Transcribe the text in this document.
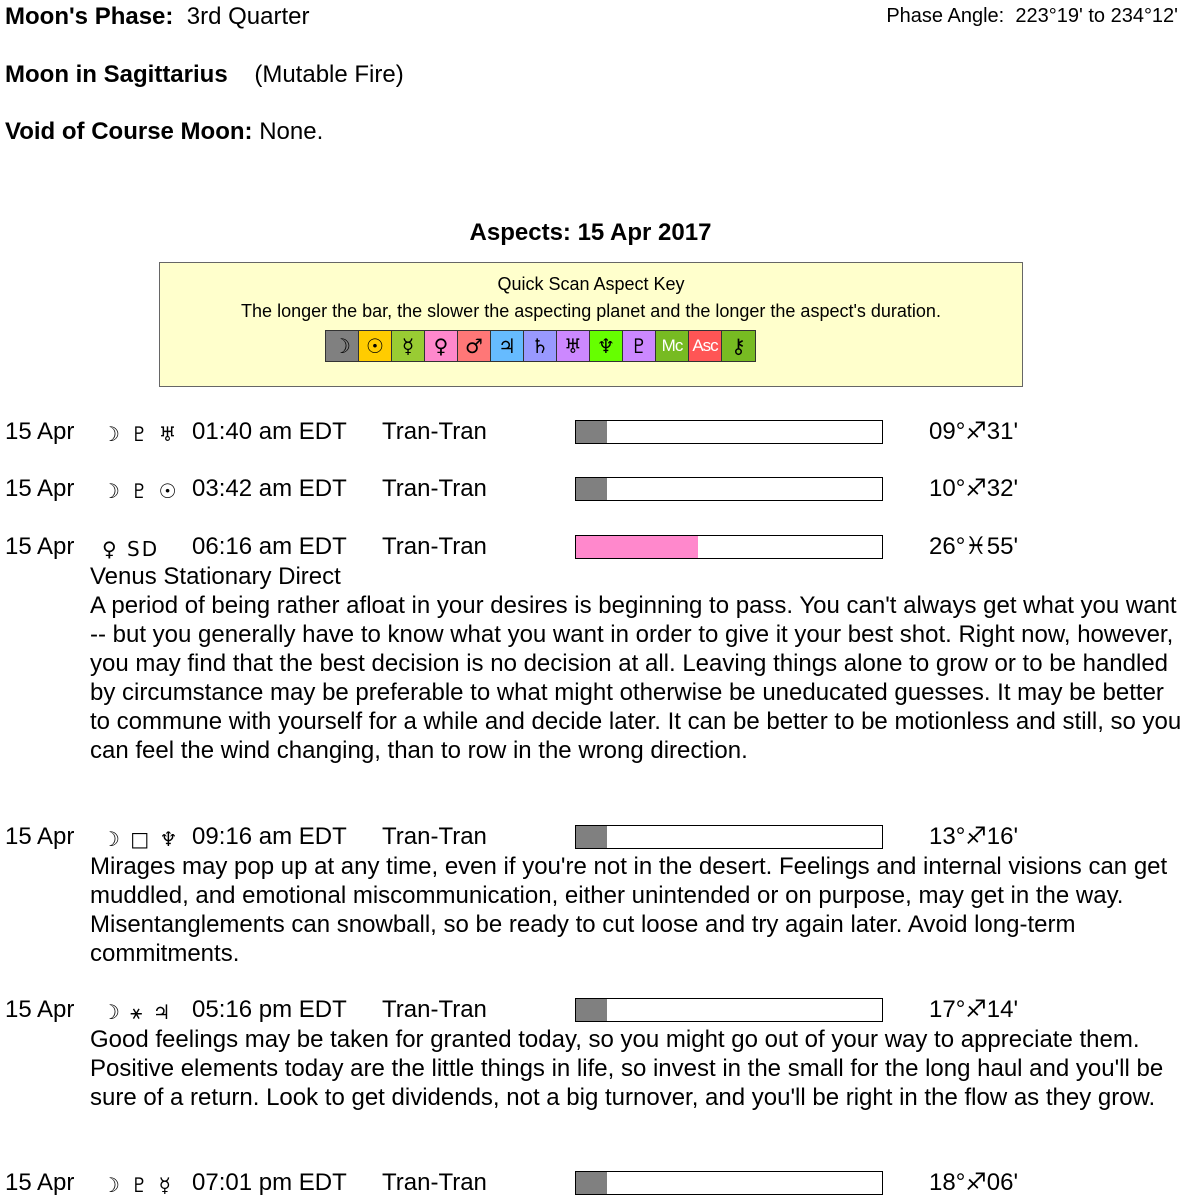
Moon's Phase: 3rd Quarter	Phase Angle: 223°19' to 234°12'
Moon in Sagittarius (Mutable Fire)
Void of Course Moon: None.
Aspects: 15 Apr 2017
Quick Scan Aspect Key
The longer the bar, the slower the aspecting planet and the longer the aspect's duration.
☽ ☉ ☿ ♀ ♂ ♃ ♄ ♅ ♆ ♇ Mc Asc ⚷
15 Apr ☽ ♇ ♅ 01:40 am EDT Tran-Tran	09°♐31'
15 Apr ☽ ♇ ☉ 03:42 am EDT Tran-Tran	10°♐32'
15 Apr ♀ SD 06:16 am EDT Tran-Tran	26°♓55'
Venus Stationary Direct
A period of being rather afloat in your desires is beginning to pass. You can't always get what you want -- but you generally have to know what you want in order to give it your best shot. Right now, however, you may find that the best decision is no decision at all. Leaving things alone to grow or to be handled by circumstance may be preferable to what might otherwise be uneducated guesses. It may be better to commune with yourself for a while and decide later. It can be better to be motionless and still, so you can feel the wind changing, than to row in the wrong direction.
15 Apr ☽ □ ♆ 09:16 am EDT Tran-Tran	13°♐16'
Mirages may pop up at any time, even if you're not in the desert. Feelings and internal visions can get muddled, and emotional miscommunication, either unintended or on purpose, may get in the way. Misentanglements can snowball, so be ready to cut loose and try again later. Avoid long-term commitments.
15 Apr ☽ ⚹ ♃ 05:16 pm EDT Tran-Tran	17°♐14'
Good feelings may be taken for granted today, so you might go out of your way to appreciate them. Positive elements today are the little things in life, so invest in the small for the long haul and you'll be sure of a return. Look to get dividends, not a big turnover, and you'll be right in the flow as they grow.
15 Apr ☽ ♇ ☿ 07:01 pm EDT Tran-Tran	18°♐06'
